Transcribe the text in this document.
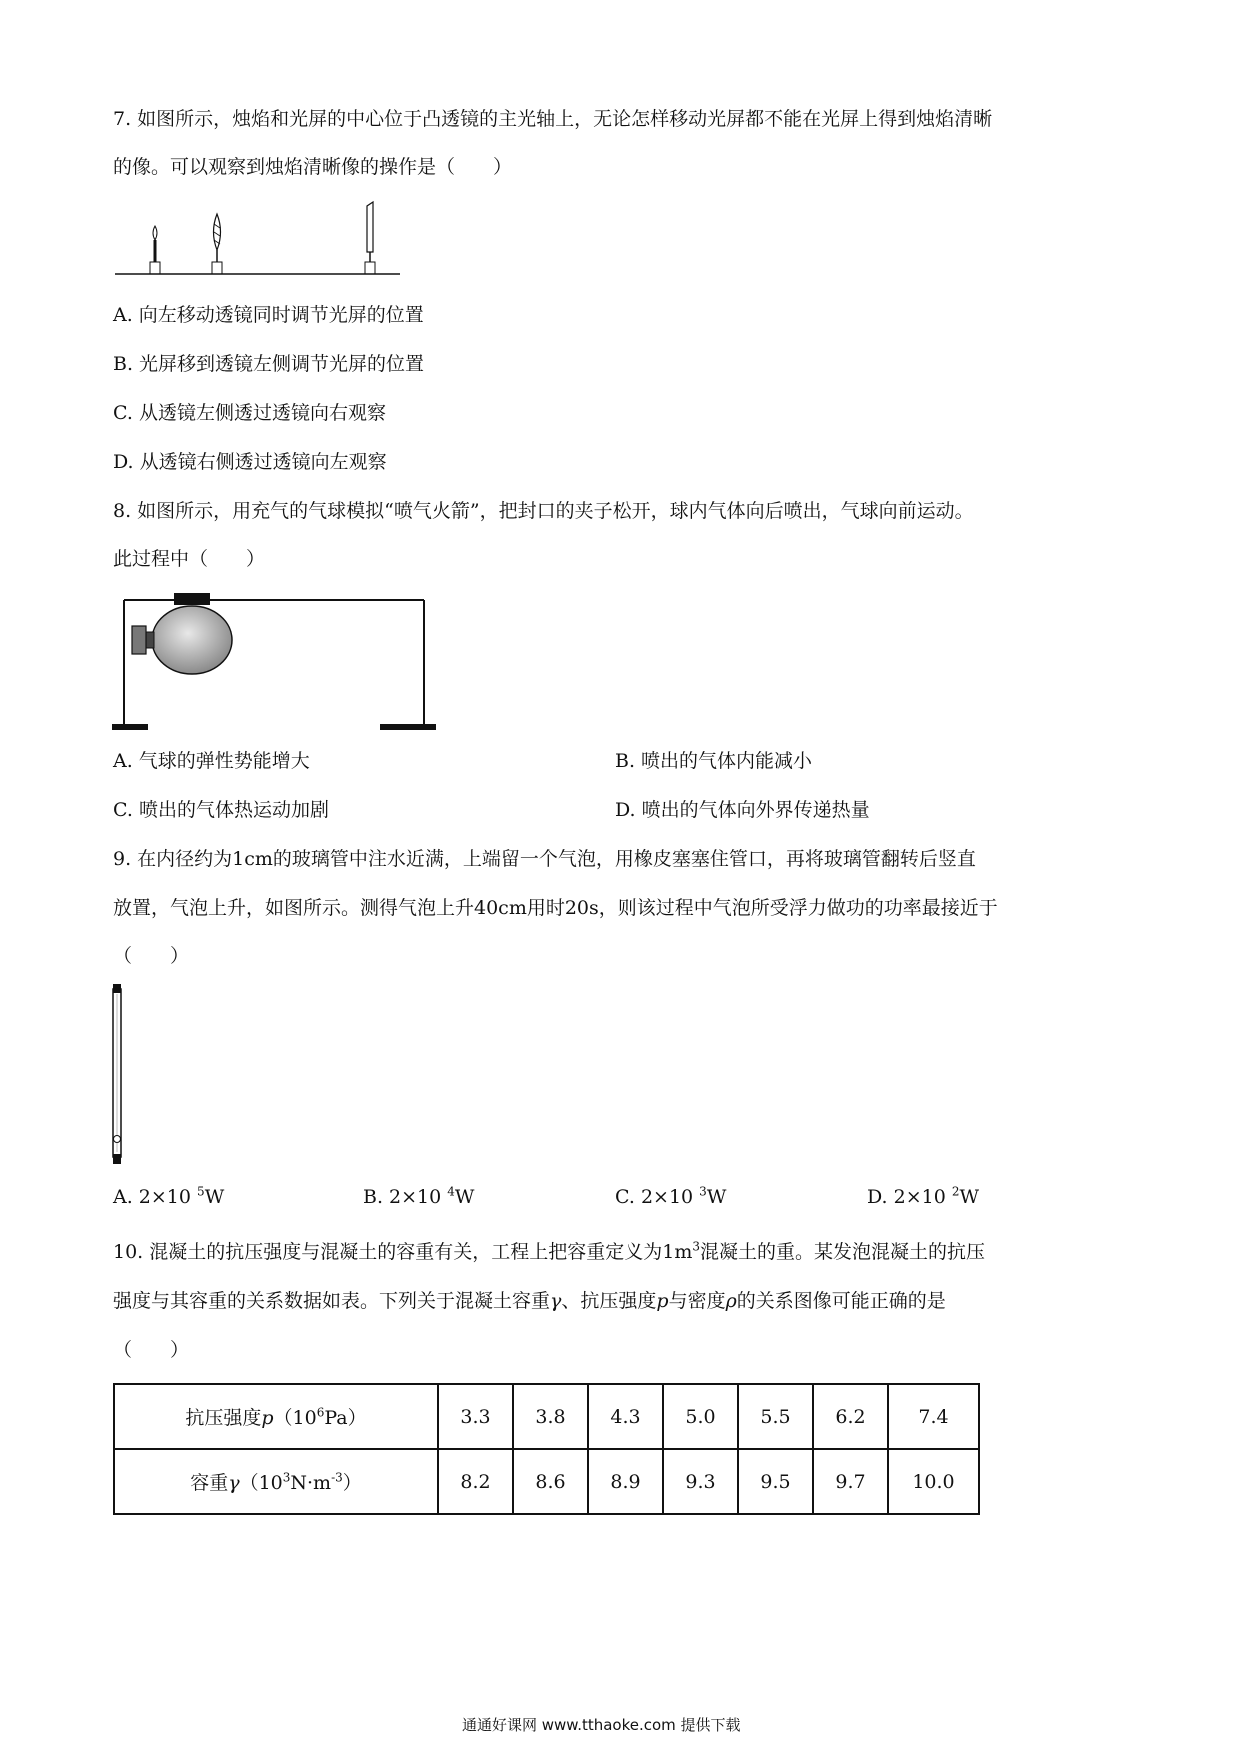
7. 如图所示，烛焰和光屏的中心位于凸透镜的主光轴上，无论怎样移动光屏都不能在光屏上得到烛焰清晰
的像。可以观察到烛焰清晰像的操作是（　　）
A. 向左移动透镜同时调节光屏的位置
B. 光屏移到透镜左侧调节光屏的位置
C. 从透镜左侧透过透镜向右观察
D. 从透镜右侧透过透镜向左观察
8. 如图所示，用充气的气球模拟“喷气火箭”，把封口的夹子松开，球内气体向后喷出，气球向前运动。
此过程中（　　）
A. 气球的弹性势能增大	B. 喷出的气体内能减小
C. 喷出的气体热运动加剧	D. 喷出的气体向外界传递热量
9. 在内径约为1cm的玻璃管中注水近满，上端留一个气泡，用橡皮塞塞住管口，再将玻璃管翻转后竖直
放置，气泡上升，如图所示。测得气泡上升40cm用时20s，则该过程中气泡所受浮力做功的功率最接近于
（　　）
A. 2×10 $^5$W	B. 2×10 $^4$W	C. 2×10 $^3$W	D. 2×10 $^2$W
10. 混凝土的抗压强度与混凝土的容重有关，工程上把容重定义为$1m^3$混凝土的重。某发泡混凝土的抗压
强度与其容重的关系数据如表。下列关于混凝土容重γ、抗压强度p与密度ρ的关系图像可能正确的是
（　　）
抗压强度$p(10^6Pa)$	3.3	3.8	4.3	5.0	5.5	6.2	7.4
容重$\gamma(10^3N\cdot m^{-3})$	8.2	8.6	8.9	9.3	9.5	9.7	10.0
通通好课网 www.tthaoke.com 提供下载
